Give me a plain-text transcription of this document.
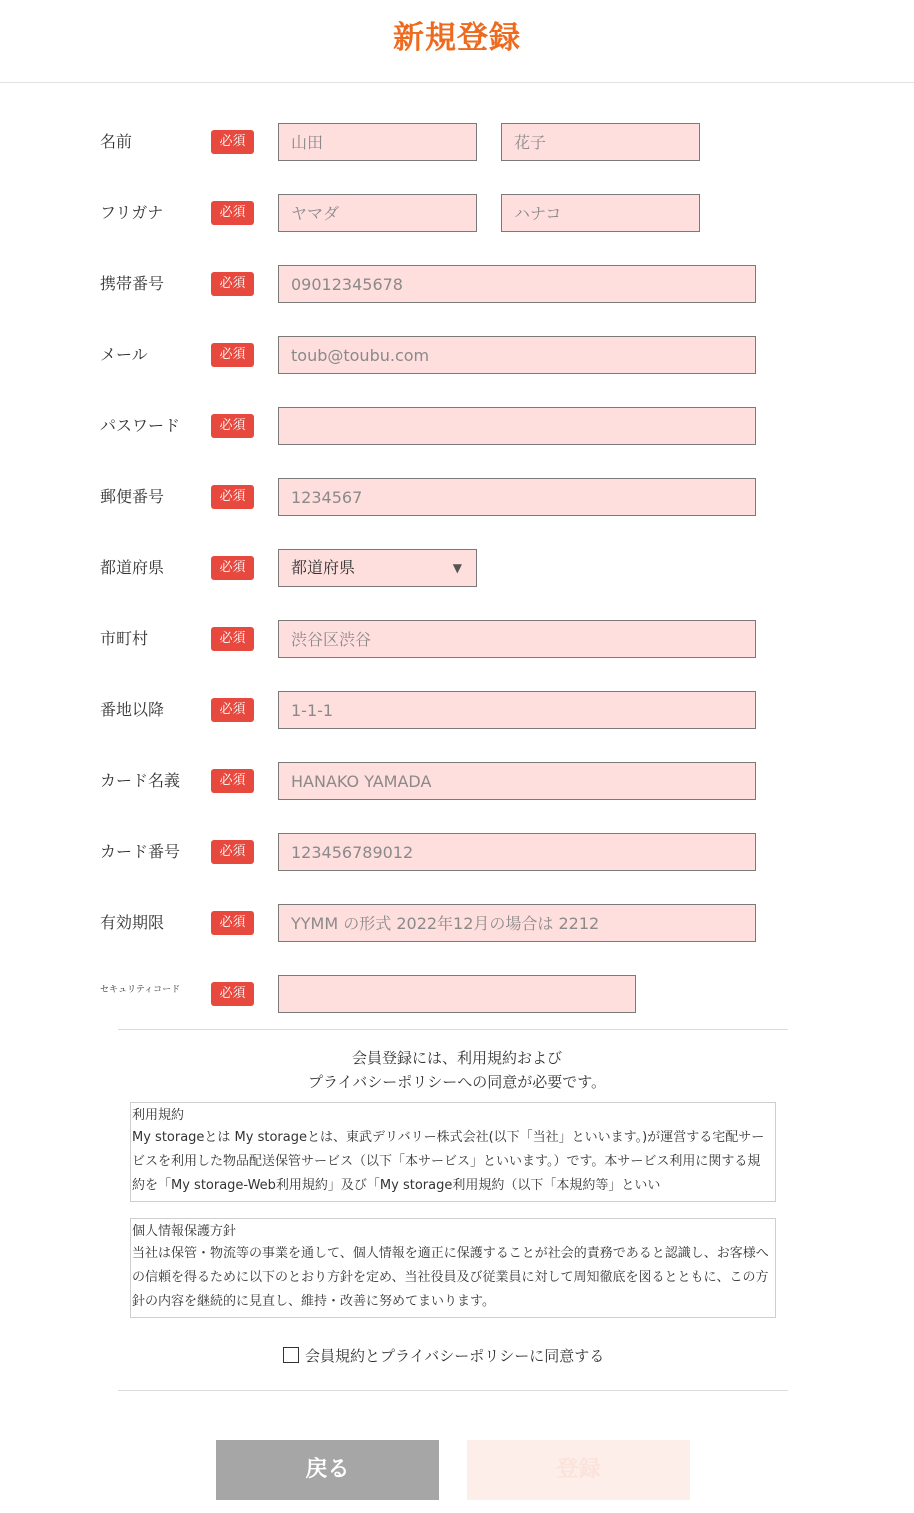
新規登録
名前	必須
山田
花子
フリガナ	必須
ヤマダ
ハナコ
携帯番号	必須
09012345678
メール	必須
toub@toubu.com
パスワード	必須
郵便番号	必須
1234567
都道府県	必須	都道府県	▼
市町村	必須
渋谷区渋谷
番地以降	必須
1-1-1
カード名義	必須
HANAKO YAMADA
カード番号	必須
123456789012
有効期限	必須
YYMM の形式 2022年12月の場合は 2212
セキュリティコード	必須
会員登録には、利用規約および
プライバシーポリシーへの同意が必要です。
利用規約
My storageとは My storageとは、東武デリバリー株式会社(以下「当社」といいます。)が運営する宅配サービスを利用した物品配送保管サービス（以下「本サービス」といいます。）です。本サービス利用に関する規約を「My storage-Web利用規約」及び「My storage利用規約（以下「本規約等」といい
個人情報保護方針
当社は保管・物流等の事業を通して、個人情報を適正に保護することが社会的責務であると認識し、お客様への信頼を得るために以下のとおり方針を定め、当社役員及び従業員に対して周知徹底を図るとともに、この方針の内容を継続的に見直し、維持・改善に努めてまいります。
会員規約とプライバシーポリシーに同意する
戻る	登録
